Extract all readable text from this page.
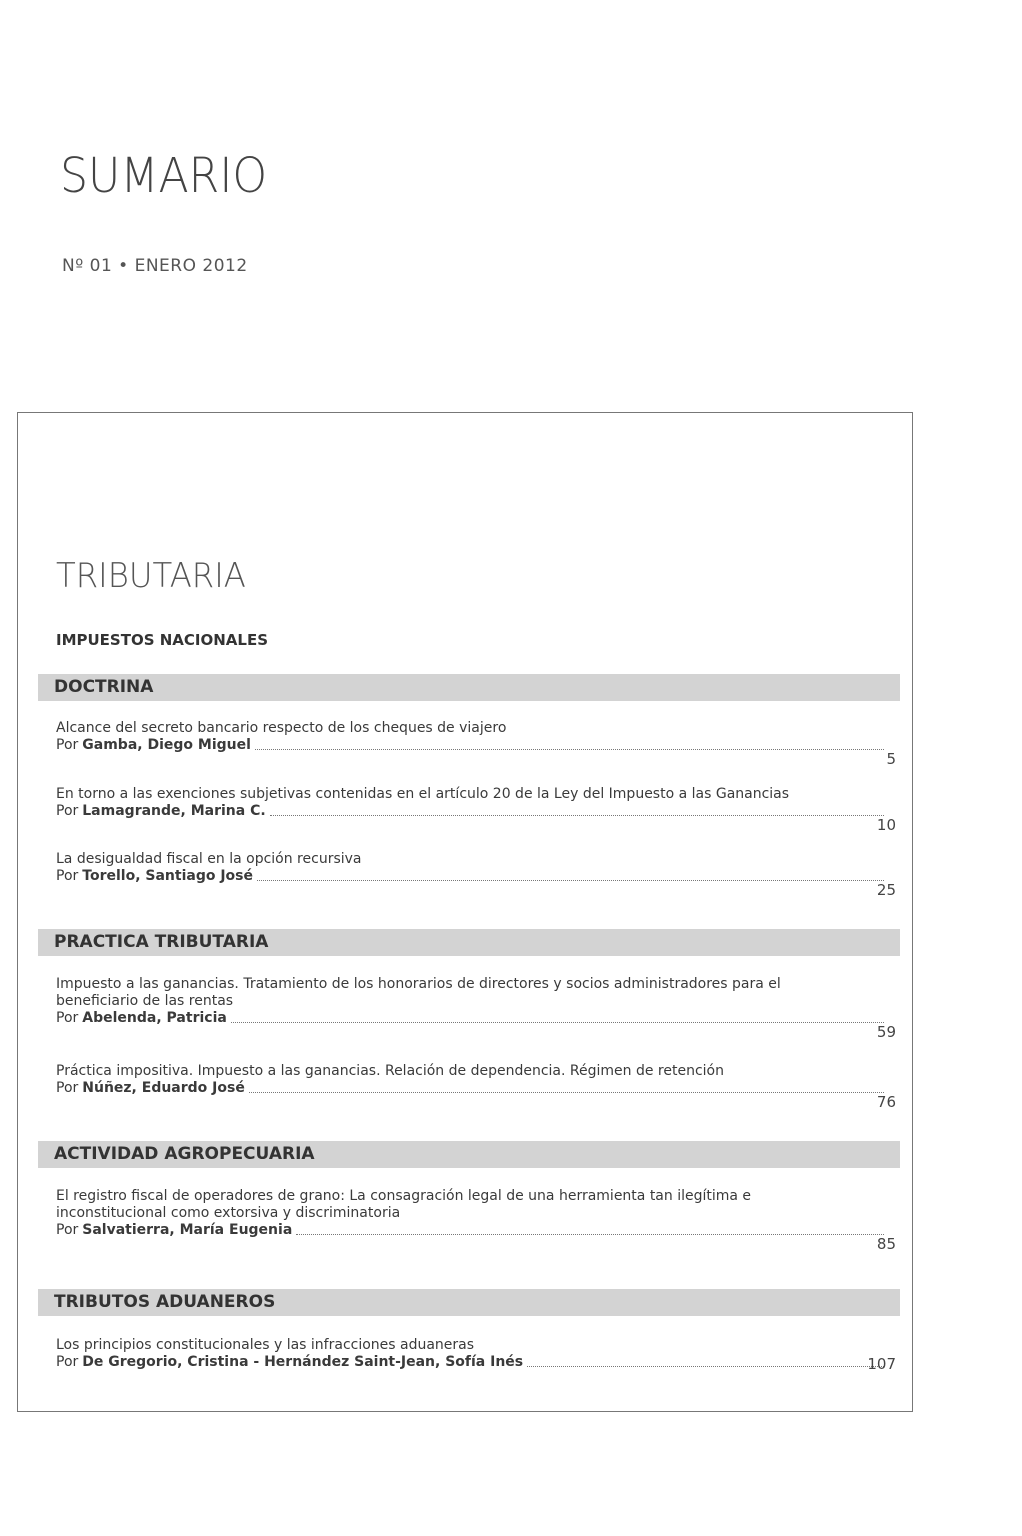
SUMARIO
Nº 01 • ENERO 2012
TRIBUTARIA
IMPUESTOS NACIONALES
DOCTRINA
Alcance del secreto bancario respecto de los cheques de viajero
Por Gamba, Diego Miguel
5
En torno a las exenciones subjetivas contenidas en el artículo 20 de la Ley del Impuesto a las Ganancias
Por Lamagrande, Marina C.
10
La desigualdad fiscal en la opción recursiva
Por Torello, Santiago José
25
PRACTICA TRIBUTARIA
Impuesto a las ganancias. Tratamiento de los honorarios de directores y socios administradores para el beneficiario de las rentas
Por Abelenda, Patricia
59
Práctica impositiva. Impuesto a las ganancias. Relación de dependencia. Régimen de retención
Por Núñez, Eduardo José
76
ACTIVIDAD AGROPECUARIA
El registro fiscal de operadores de grano: La consagración legal de una herramienta tan ilegítima e inconstitucional como extorsiva y discriminatoria
Por Salvatierra, María Eugenia
85
TRIBUTOS ADUANEROS
Los principios constitucionales y las infracciones aduaneras
Por De Gregorio, Cristina - Hernández Saint-Jean, Sofía Inés	107
